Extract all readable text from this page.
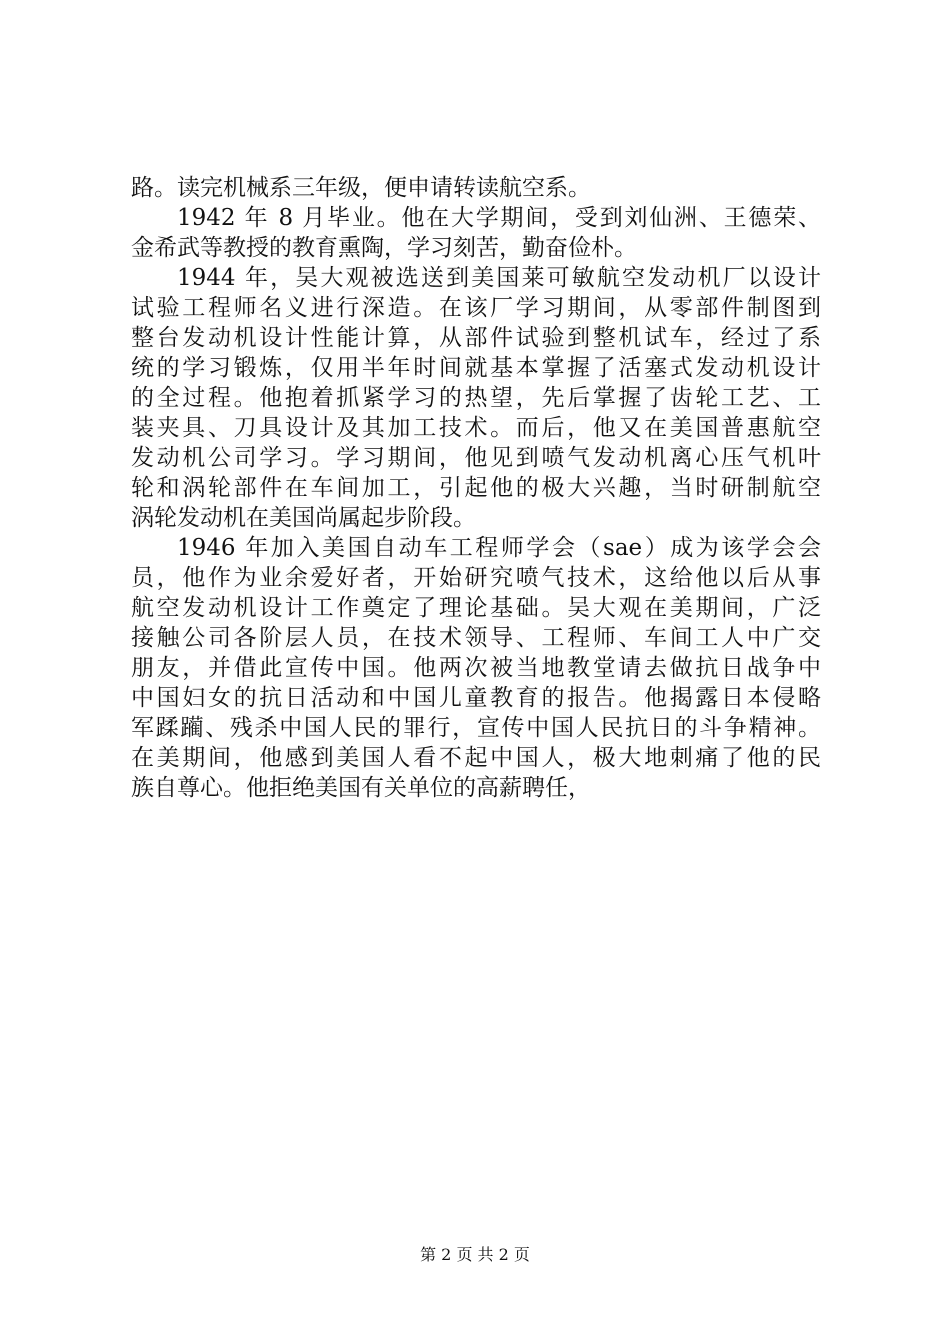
路。读完机械系三年级，便申请转读航空系。
1942 年 8 月毕业。他在大学期间，受到刘仙洲、王德荣、
金希武等教授的教育熏陶，学习刻苦，勤奋俭朴。
1944 年，吴大观被选送到美国莱可敏航空发动机厂以设计
试验工程师名义进行深造。在该厂学习期间，从零部件制图到
整台发动机设计性能计算，从部件试验到整机试车，经过了系
统的学习锻炼，仅用半年时间就基本掌握了活塞式发动机设计
的全过程。他抱着抓紧学习的热望，先后掌握了齿轮工艺、工
装夹具、刀具设计及其加工技术。而后，他又在美国普惠航空
发动机公司学习。学习期间，他见到喷气发动机离心压气机叶
轮和涡轮部件在车间加工，引起他的极大兴趣，当时研制航空
涡轮发动机在美国尚属起步阶段。
1946 年加入美国自动车工程师学会（sae）成为该学会会
员，他作为业余爱好者，开始研究喷气技术，这给他以后从事
航空发动机设计工作奠定了理论基础。吴大观在美期间，广泛
接触公司各阶层人员，在技术领导、工程师、车间工人中广交
朋友，并借此宣传中国。他两次被当地教堂请去做抗日战争中
中国妇女的抗日活动和中国儿童教育的报告。他揭露日本侵略
军蹂躏、残杀中国人民的罪行，宣传中国人民抗日的斗争精神。
在美期间，他感到美国人看不起中国人，极大地刺痛了他的民
族自尊心。他拒绝美国有关单位的高薪聘任，
第 2 页 共 2 页
